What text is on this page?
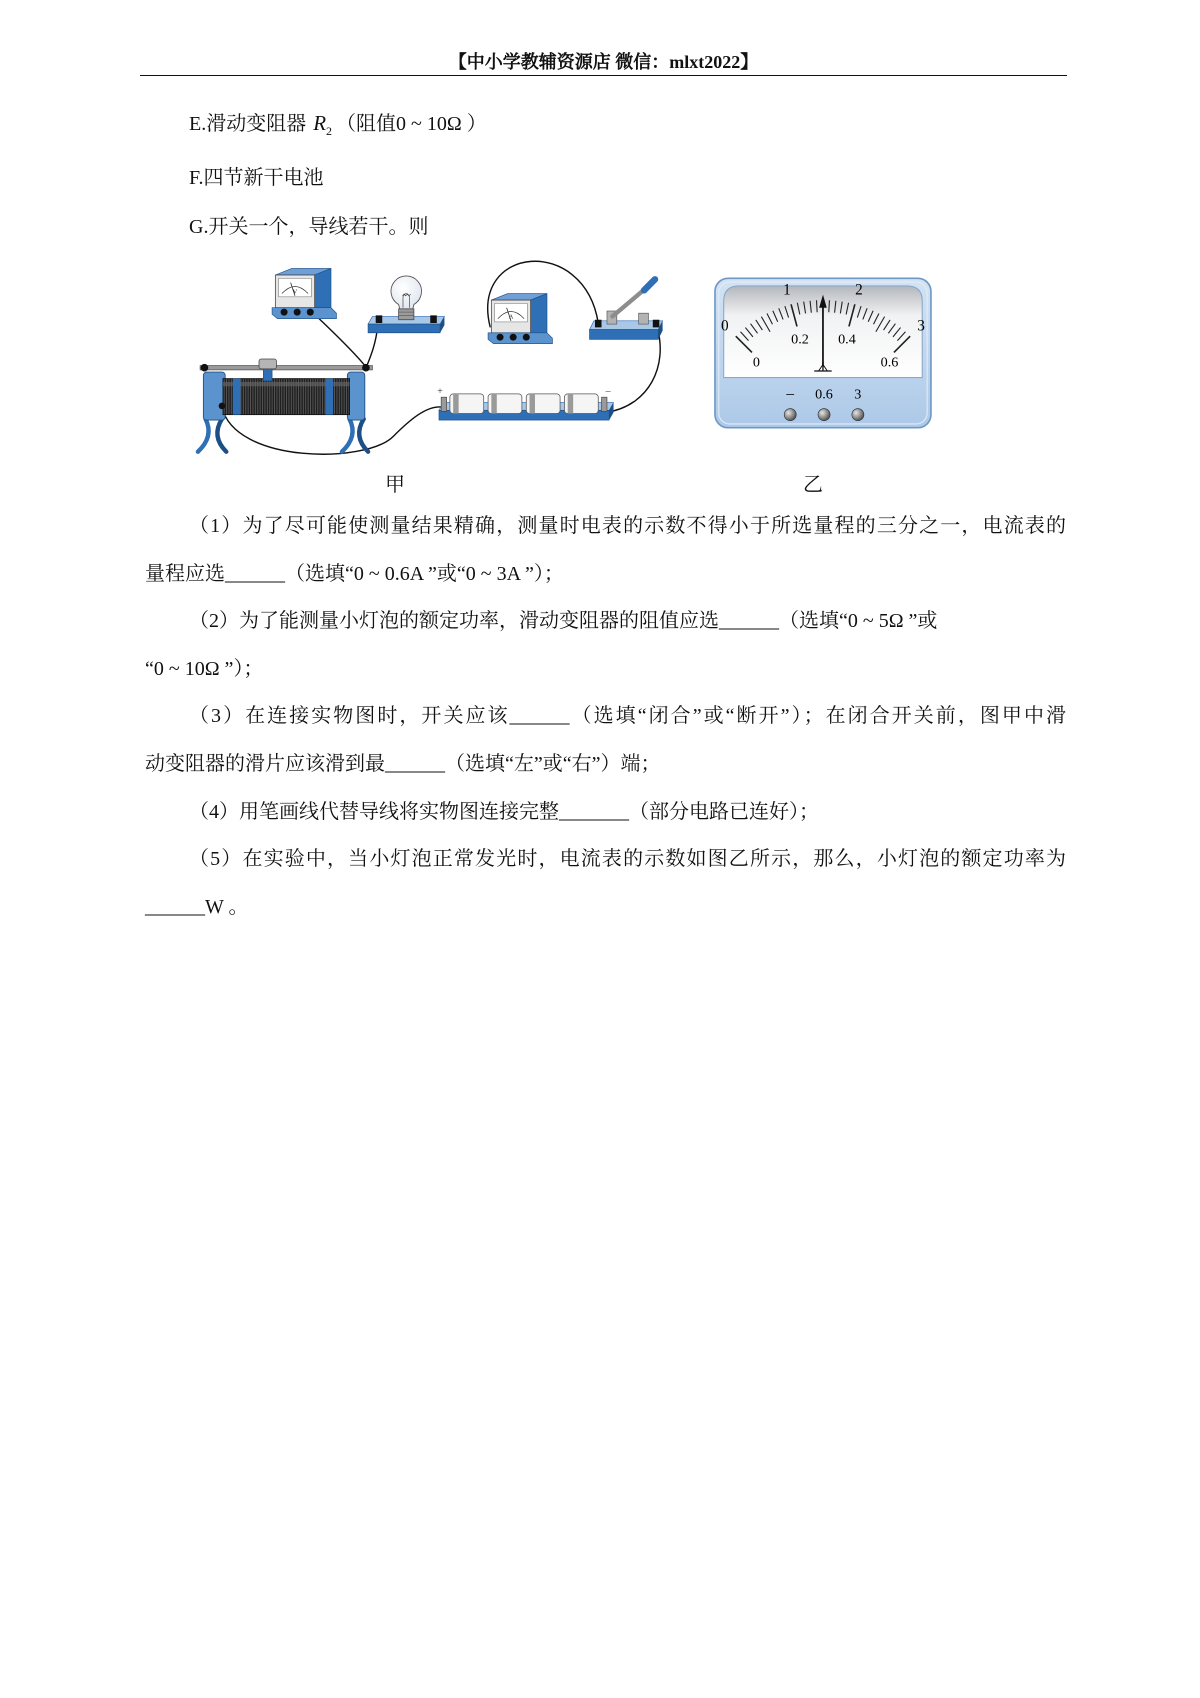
【中小学教辅资源店 微信：mlxt2022】
E.滑动变阻器 $R_2$ （阻值0 ~ 10Ω ）
F.四节新干电池
G.开关一个，导线若干。则
V
A
+	–
0
1	2
3
0
0.2 0.4
0.6
– 0.6 3
甲	乙
（1）为了尽可能使测量结果精确，测量时电表的示数不得小于所选量程的三分之一，电流表的
量程应选______（选填“0 ~ 0.6A ”或“0 ~ 3A ”）；
（2）为了能测量小灯泡的额定功率，滑动变阻器的阻值应选______（选填“0 ~ 5Ω ”或
“0 ~ 10Ω ”）；
（3）在连接实物图时，开关应该______（选填“闭合”或“断开”）；在闭合开关前，图甲中滑
动变阻器的滑片应该滑到最______（选填“左”或“右”）端；
（4）用笔画线代替导线将实物图连接完整_______（部分电路已连好）；
（5）在实验中，当小灯泡正常发光时，电流表的示数如图乙所示，那么，小灯泡的额定功率为
______W 。
